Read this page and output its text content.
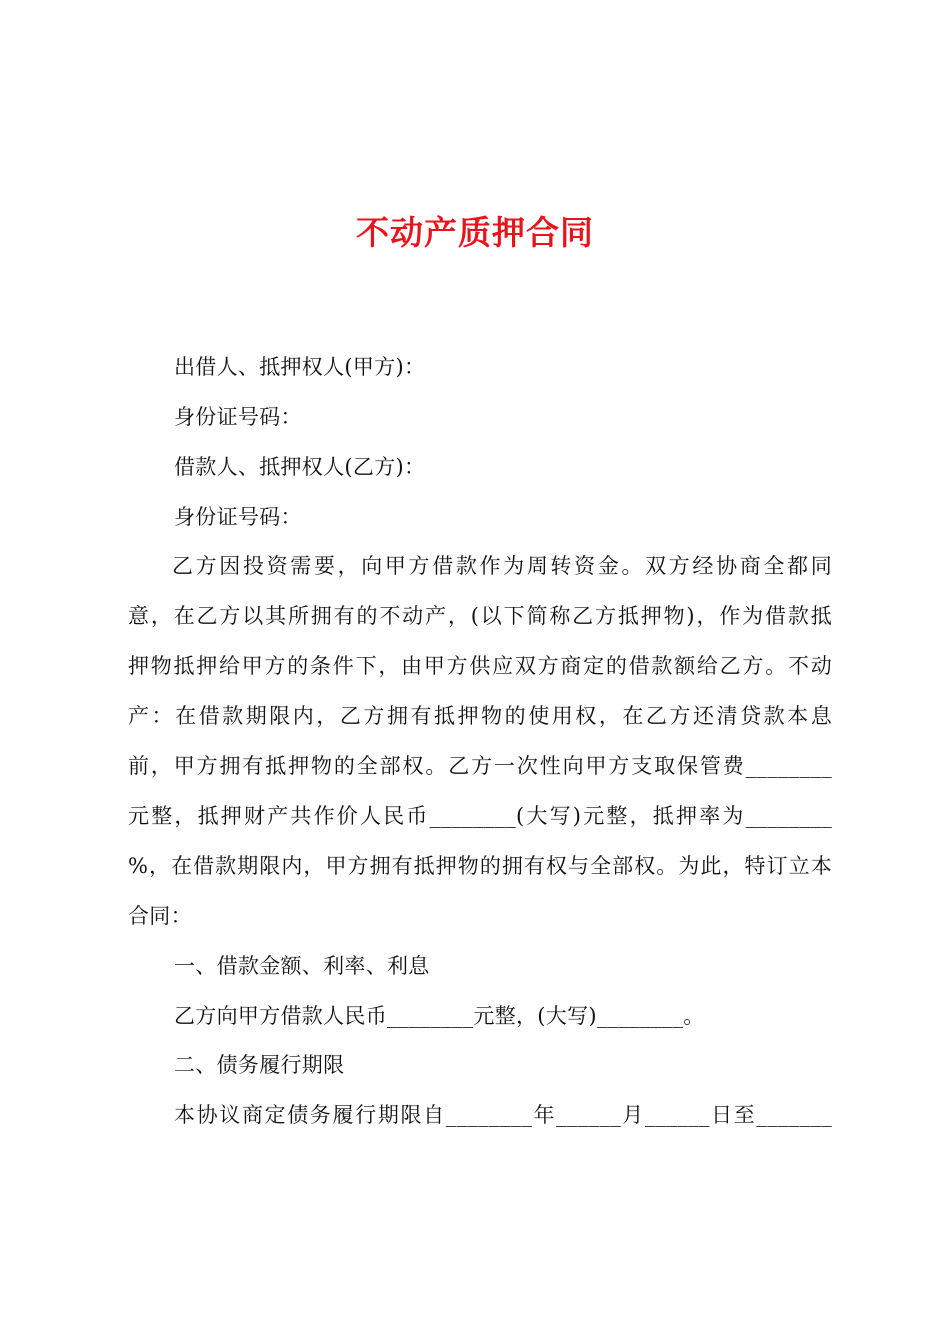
不动产质押合同
出借人、抵押权人(甲方)：
身份证号码：
借款人、抵押权人(乙方)：
身份证号码：
乙方因投资需要，向甲方借款作为周转资金。双方经协商全都同
意，在乙方以其所拥有的不动产，(以下简称乙方抵押物)，作为借款抵
押物抵押给甲方的条件下，由甲方供应双方商定的借款额给乙方。不动
产：在借款期限内，乙方拥有抵押物的使用权，在乙方还清贷款本息
前，甲方拥有抵押物的全部权。乙方一次性向甲方支取保管费________
元整，抵押财产共作价人民币________(大写)元整，抵押率为________
%，在借款期限内，甲方拥有抵押物的拥有权与全部权。为此，特订立本
合同：
一、借款金额、利率、利息
乙方向甲方借款人民币________元整，(大写)________。
二、债务履行期限
本协议商定债务履行期限自________年______月______日至_______
